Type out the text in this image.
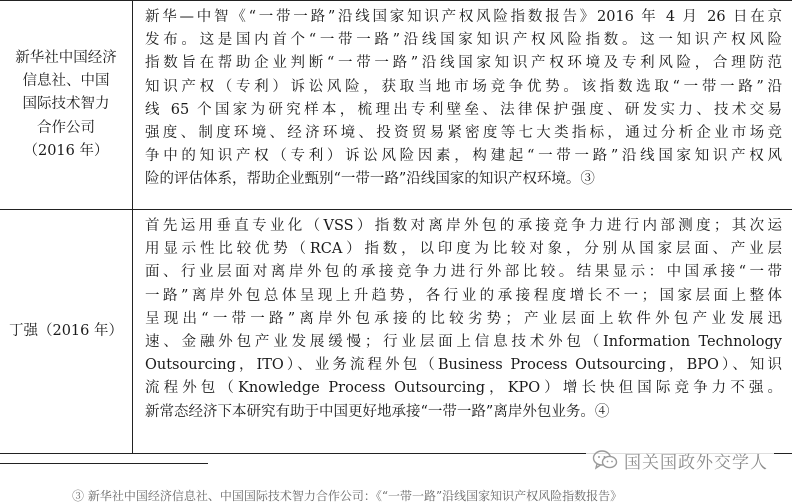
新华社中国经济
信息社、中国
国际技术智力
合作公司
（2016 年）
新华—中智《“一带一路”沿线国家知识产权风险指数报告》2016 年 4 月 26 日在京
发布。这是国内首个“一带一路”沿线国家知识产权风险指数。这一知识产权风险
指数旨在帮助企业判断“一带一路”沿线国家知识产权环境及专利风险，合理防范
知识产权（专利）诉讼风险，获取当地市场竞争优势。该指数选取“一带一路”沿
线 65 个国家为研究样本，梳理出专利壁垒、法律保护强度、研发实力、技术交易
强度、制度环境、经济环境、投资贸易紧密度等七大类指标，通过分析企业市场竞
争中的知识产权（专利）诉讼风险因素，构建起“一带一路”沿线国家知识产权风
险的评估体系，帮助企业甄别“一带一路”沿线国家的知识产权环境。③
丁强（2016 年）
首先运用垂直专业化（VSS）指数对离岸外包的承接竞争力进行内部测度；其次运
用显示性比较优势（RCA）指数，以印度为比较对象，分别从国家层面、产业层
面、行业层面对离岸外包的承接竞争力进行外部比较。结果显示：中国承接“一带
一路”离岸外包总体呈现上升趋势，各行业的承接程度增长不一；国家层面上整体
呈现出“一带一路”离岸外包承接的比较劣势；产业层面上软件外包产业发展迅
速、金融外包产业发展缓慢；行业层面上信息技术外包（Information Technology
Outsourcing，ITO）、业务流程外包（Business Process Outsourcing，BPO）、知识
流程外包（Knowledge Process Outsourcing，KPO）增长快但国际竞争力不强。
新常态经济下本研究有助于中国更好地承接“一带一路”离岸外包业务。④
③ 新华社中国经济信息社、中国国际技术智力合作公司：《“一带一路”沿线国家知识产权风险指数报告》
国关国政外交学人
